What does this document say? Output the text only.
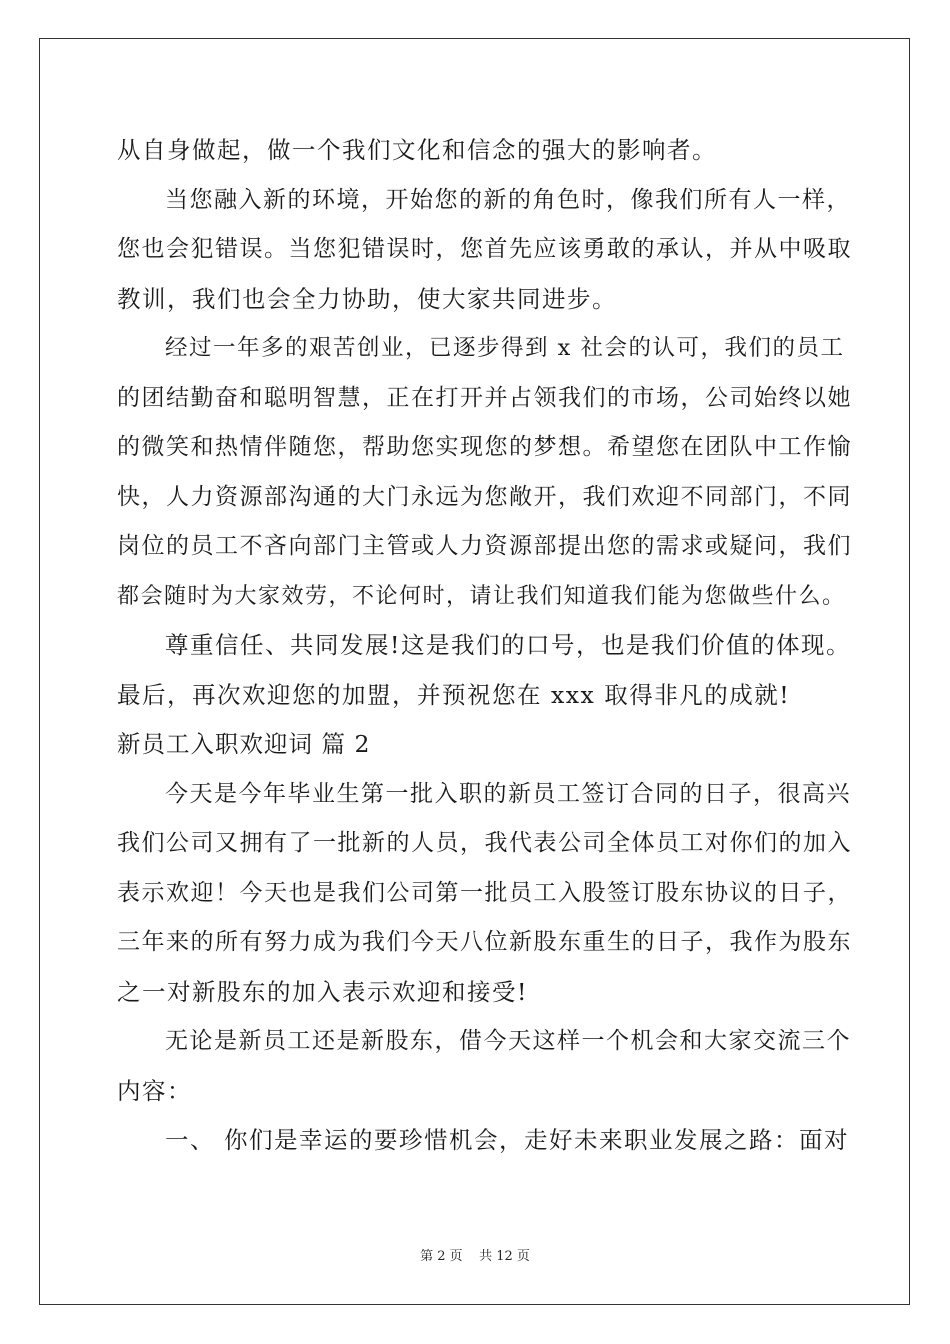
从自身做起，做一个我们文化和信念的强大的影响者。
当您融入新的环境，开始您的新的角色时，像我们所有人一样，
您也会犯错误。当您犯错误时，您首先应该勇敢的承认，并从中吸取
教训，我们也会全力协助，使大家共同进步。
经过一年多的艰苦创业，已逐步得到 x 社会的认可，我们的员工
的团结勤奋和聪明智慧，正在打开并占领我们的市场，公司始终以她
的微笑和热情伴随您，帮助您实现您的梦想。希望您在团队中工作愉
快，人力资源部沟通的大门永远为您敞开，我们欢迎不同部门，不同
岗位的员工不吝向部门主管或人力资源部提出您的需求或疑问，我们
都会随时为大家效劳，不论何时，请让我们知道我们能为您做些什么。
尊重信任、共同发展!这是我们的口号，也是我们价值的体现。
最后，再次欢迎您的加盟，并预祝您在 xxx 取得非凡的成就!
新员工入职欢迎词 篇 2
今天是今年毕业生第一批入职的新员工签订合同的日子，很高兴
我们公司又拥有了一批新的人员，我代表公司全体员工对你们的加入
表示欢迎！今天也是我们公司第一批员工入股签订股东协议的日子，
三年来的所有努力成为我们今天八位新股东重生的日子，我作为股东
之一对新股东的加入表示欢迎和接受!
无论是新员工还是新股东，借今天这样一个机会和大家交流三个
内容：
一、 你们是幸运的要珍惜机会，走好未来职业发展之路：面对
第 2 页    共 12 页
